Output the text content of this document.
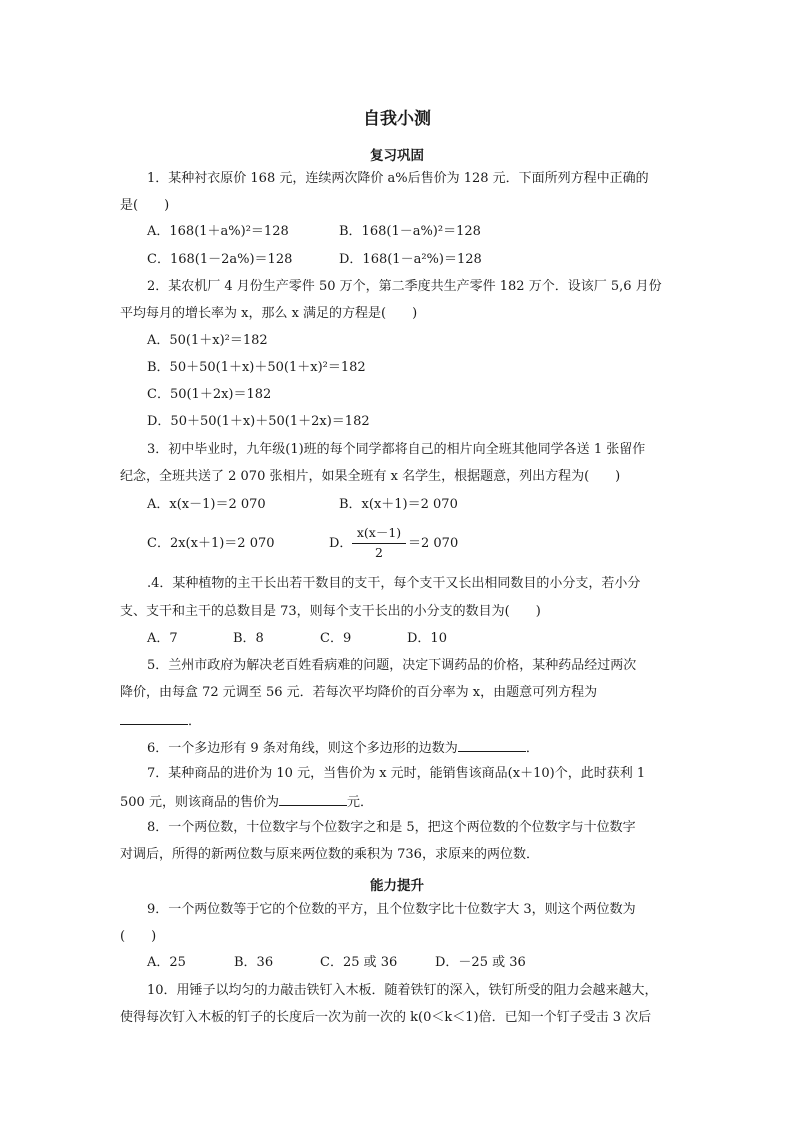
自我小测
复习巩固
1．某种衬衣原价 168 元，连续两次降价 a%后售价为 128 元．下面所列方程中正确的
是(　　)
A．168(1＋a%)²＝128	B．168(1－a%)²＝128
C．168(1－2a%)＝128	D．168(1－a²%)＝128
2．某农机厂 4 月份生产零件 50 万个，第二季度共生产零件 182 万个．设该厂 5,6 月份
平均每月的增长率为 x，那么 x 满足的方程是(　　)
A．50(1＋x)²＝182
B．50＋50(1＋x)＋50(1＋x)²＝182
C．50(1＋2x)＝182
D．50＋50(1＋x)＋50(1＋2x)＝182
3．初中毕业时，九年级(1)班的每个同学都将自己的相片向全班其他同学各送 1 张留作
纪念，全班共送了 2 070 张相片，如果全班有 x 名学生，根据题意，列出方程为(　　)
A．x(x－1)＝2 070	B．x(x＋1)＝2 070
C．2x(x＋1)＝2 070	D． $\frac{x(x-1)}{2} =2$ 070
.4．某种植物的主干长出若干数目的支干，每个支干又长出相同数目的小分支，若小分
支、支干和主干的总数目是 73，则每个支干长出的小分支的数目为(　　)
A．7	B．8	C．9	D．10
5．兰州市政府为解决老百姓看病难的问题，决定下调药品的价格，某种药品经过两次
降价，由每盒 72 元调至 56 元．若每次平均降价的百分率为 x，由题意可列方程为
．
6．一个多边形有 9 条对角线，则这个多边形的边数为	．
7．某种商品的进价为 10 元，当售价为 x 元时，能销售该商品(x＋10)个，此时获利 1
500 元，则该商品的售价为	元．
8．一个两位数，十位数字与个位数字之和是 5，把这个两位数的个位数字与十位数字
对调后，所得的新两位数与原来两位数的乘积为 736，求原来的两位数．
能力提升
9．一个两位数等于它的个位数的平方，且个位数字比十位数字大 3，则这个两位数为
(　　)
A．25	B．36	C．25 或 36	D．－25 或 36
10．用锤子以均匀的力敲击铁钉入木板．随着铁钉的深入，铁钉所受的阻力会越来越大，
使得每次钉入木板的钉子的长度后一次为前一次的 k(0＜k＜1)倍．已知一个钉子受击 3 次后
